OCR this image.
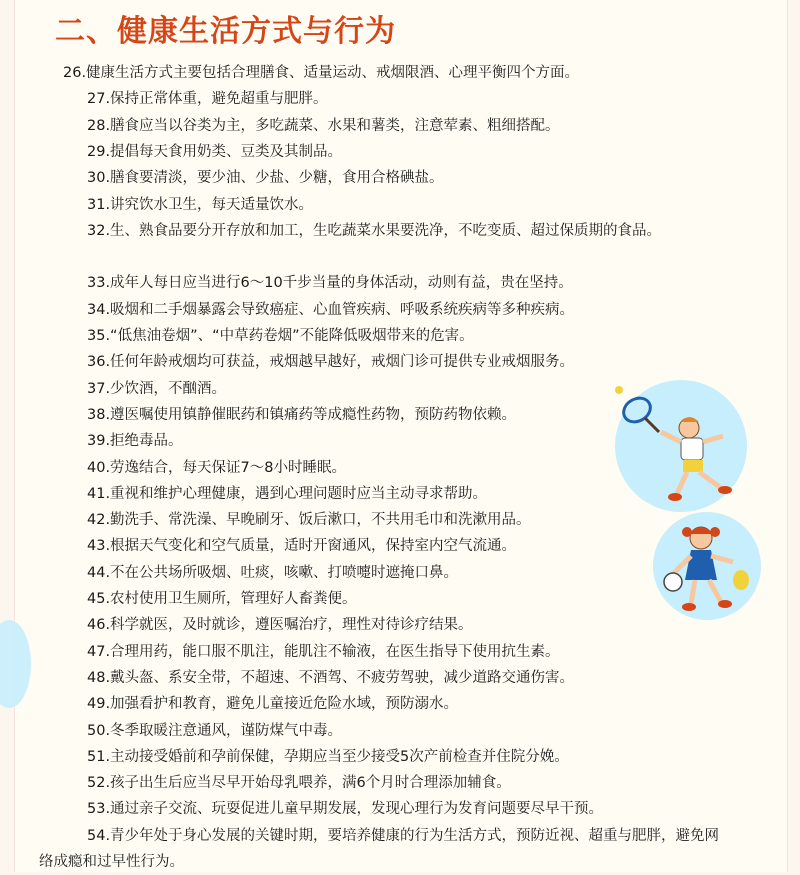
二、健康生活方式与行为
26.健康生活方式主要包括合理膳食、适量运动、戒烟限酒、心理平衡四个方面。
27.保持正常体重，避免超重与肥胖。
28.膳食应当以谷类为主，多吃蔬菜、水果和薯类，注意荤素、粗细搭配。
29.提倡每天食用奶类、豆类及其制品。
30.膳食要清淡，要少油、少盐、少糖，食用合格碘盐。
31.讲究饮水卫生，每天适量饮水。
32.生、熟食品要分开存放和加工，生吃蔬菜水果要洗净，不吃变质、超过保质期的食品。
33.成年人每日应当进行6～10千步当量的身体活动，动则有益，贵在坚持。
34.吸烟和二手烟暴露会导致癌症、心血管疾病、呼吸系统疾病等多种疾病。
35.“低焦油卷烟”、“中草药卷烟”不能降低吸烟带来的危害。
36.任何年龄戒烟均可获益，戒烟越早越好，戒烟门诊可提供专业戒烟服务。
37.少饮酒，不酗酒。
38.遵医嘱使用镇静催眠药和镇痛药等成瘾性药物，预防药物依赖。
39.拒绝毒品。
40.劳逸结合，每天保证7～8小时睡眠。
41.重视和维护心理健康，遇到心理问题时应当主动寻求帮助。
42.勤洗手、常洗澡、早晚刷牙、饭后漱口，不共用毛巾和洗漱用品。
43.根据天气变化和空气质量，适时开窗通风，保持室内空气流通。
44.不在公共场所吸烟、吐痰，咳嗽、打喷嚏时遮掩口鼻。
45.农村使用卫生厕所，管理好人畜粪便。
46.科学就医，及时就诊，遵医嘱治疗，理性对待诊疗结果。
47.合理用药，能口服不肌注，能肌注不输液，在医生指导下使用抗生素。
48.戴头盔、系安全带，不超速、不酒驾、不疲劳驾驶，减少道路交通伤害。
49.加强看护和教育，避免儿童接近危险水域，预防溺水。
50.冬季取暖注意通风，谨防煤气中毒。
51.主动接受婚前和孕前保健，孕期应当至少接受5次产前检查并住院分娩。
52.孩子出生后应当尽早开始母乳喂养，满6个月时合理添加辅食。
53.通过亲子交流、玩耍促进儿童早期发展，发现心理行为发育问题要尽早干预。
54.青少年处于身心发展的关键时期，要培养健康的行为生活方式，预防近视、超重与肥胖，避免网络成瘾和过早性行为。
